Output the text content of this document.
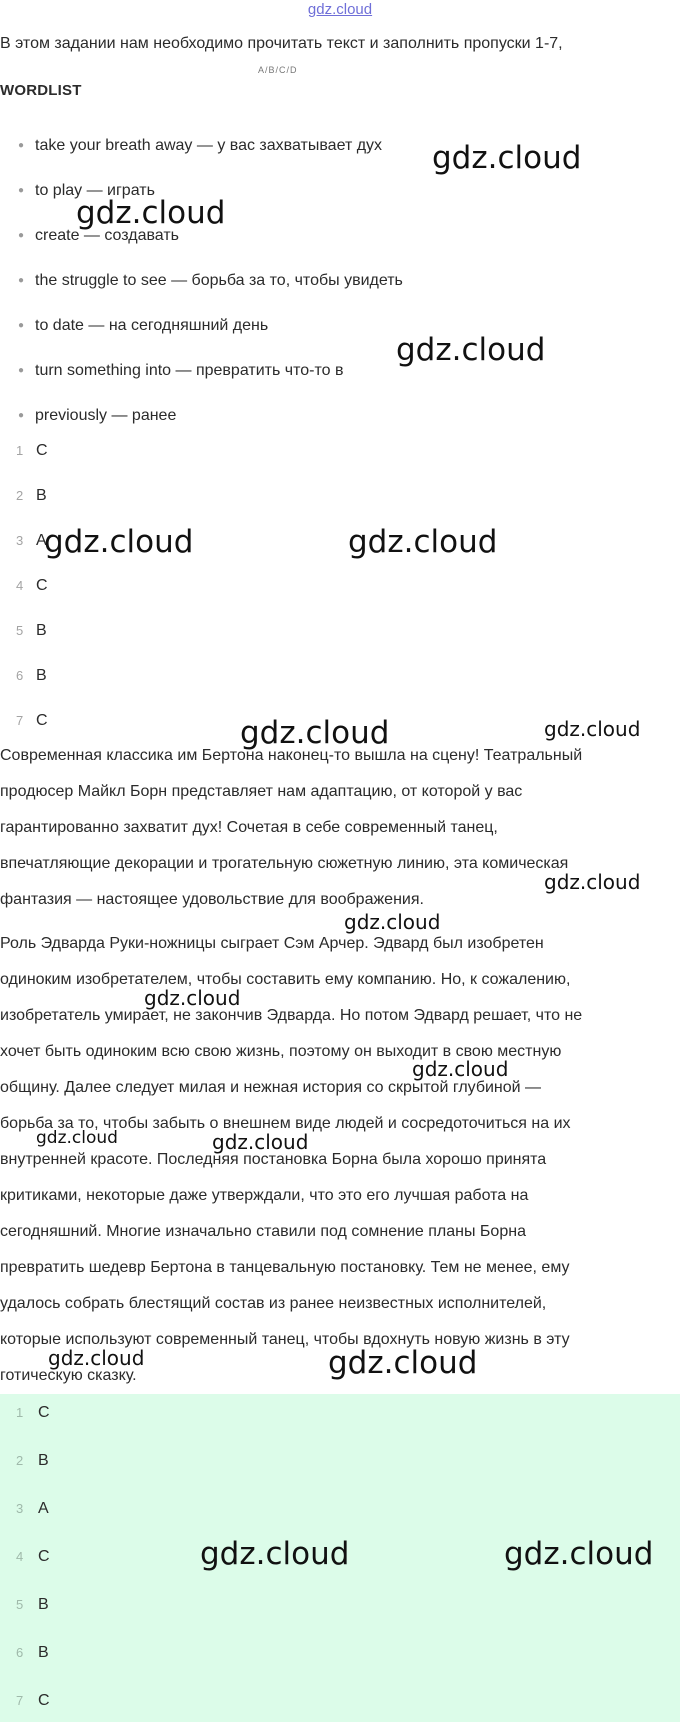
gdz.cloud
В этом задании нам необходимо прочитать текст и заполнить пропуски 1-7,
A/B/C/D
WORDLIST
● take your breath away — у вас захватывает дух
● to play — играть
● create — создавать
● the struggle to see — борьба за то, чтобы увидеть
● to date — на сегодняшний день
● turn something into — превратить что-то в
● previously — ранее
1 C
2 B
3 A
4 C
5 B
6 B
7 C
Современная классика им Бертона наконец-то вышла на сцену! Театральный
продюсер Майкл Борн представляет нам адаптацию, от которой у вас
гарантированно захватит дух! Сочетая в себе современный танец,
впечатляющие декорации и трогательную сюжетную линию, эта комическая
фантазия — настоящее удовольствие для воображения.
Роль Эдварда Руки-ножницы сыграет Сэм Арчер. Эдвард был изобретен
одиноким изобретателем, чтобы составить ему компанию. Но, к сожалению,
изобретатель умирает, не закончив Эдварда. Но потом Эдвард решает, что не
хочет быть одиноким всю свою жизнь, поэтому он выходит в свою местную
общину. Далее следует милая и нежная история со скрытой глубиной —
борьба за то, чтобы забыть о внешнем виде людей и сосредоточиться на их
внутренней красоте. Последняя постановка Борна была хорошо принята
критиками, некоторые даже утверждали, что это его лучшая работа на
сегодняшний. Многие изначально ставили под сомнение планы Борна
превратить шедевр Бертона в танцевальную постановку. Тем не менее, ему
удалось собрать блестящий состав из ранее неизвестных исполнителей,
которые используют современный танец, чтобы вдохнуть новую жизнь в эту
готическую сказку.
1 C
2 B
3 A
4 C
5 B
6 B
7 C
gdz.cloud
gdz.cloud
gdz.cloud
gdz.cloud	gdz.cloud
gdz.cloud	gdz.cloud
gdz.cloud
gdz.cloud
gdz.cloud
gdz.cloud
gdz.cloud	gdz.cloud
gdz.cloud	gdz.cloud
gdz.cloud	gdz.cloud
